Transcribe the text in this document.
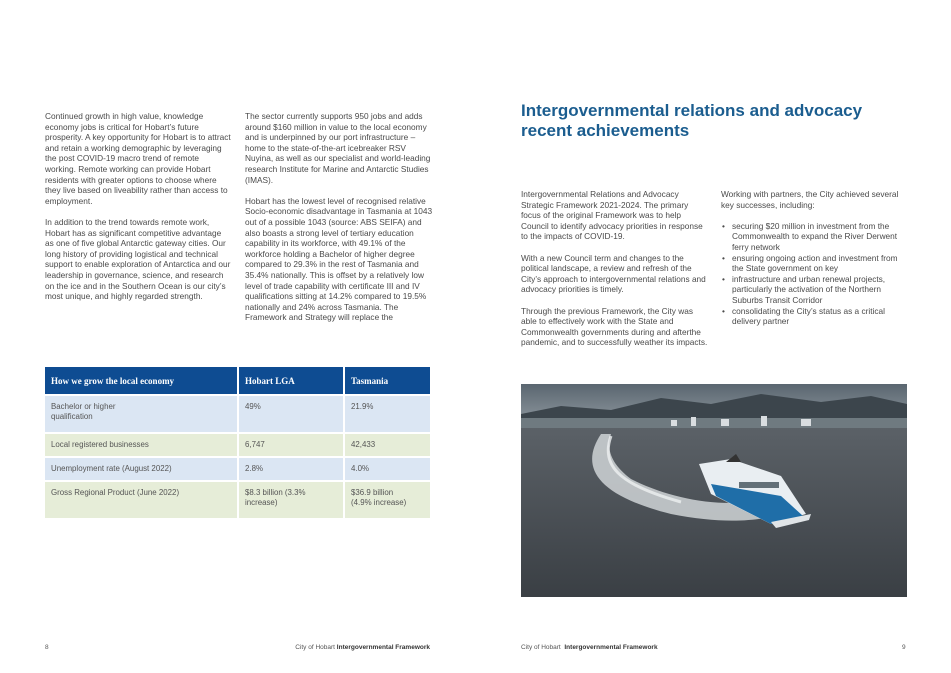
Continued growth in high value, knowledge economy jobs is critical for Hobart’s future prosperity. A key opportunity for Hobart is to attract and retain a working demographic by leveraging the post COVID-19 macro trend of remote working. Remote working can provide Hobart residents with greater options to choose where they live based on liveability rather than access to employment.

In addition to the trend towards remote work, Hobart has as significant competitive advantage as one of five global Antarctic gateway cities. Our long history of providing logistical and technical support to enable exploration of Antarctica and our leadership in governance, science, and research on the ice and in the Southern Ocean is our city’s most unique, and highly regarded strength.

The sector currently supports 950 jobs and adds around $160 million in value to the local economy and is underpinned by our port infrastructure – home to the state-of-the-art icebreaker RSV Nuyina, as well as our specialist and world-leading research Institute for Marine and Antarctic Studies (IMAS).

Hobart has the lowest level of recognised relative Socio-economic disadvantage in Tasmania at 1043 out of a possible 1043 (source: ABS SEIFA) and also boasts a strong level of tertiary education capability in its workforce, with 49.1% of the workforce holding a Bachelor of higher degree compared to 29.3% in the rest of Tasmania and 35.4% nationally. This is offset by a relatively low level of trade capability with certificate III and IV qualifications sitting at 14.2% compared to 19.5% nationally and 24% across Tasmania. The Framework and Strategy will replace the

How we grow the local economy	Hobart LGA	Tasmania

Bachelor or higher qualification	49%	21.9%
Local registered businesses	6,747	42,433
Unemployment rate (August 2022)	2.8%	4.0%
Gross Regional Product (June 2022)	$8.3 billion (3.3% increase)	$36.9 billion (4.9% increase)
8	City of Hobart Intergovernmental Framework
Intergovernmental relations and advocacy recent achievements

Intergovernmental Relations and Advocacy Strategic Framework 2021-2024. The primary focus of the original Framework was to help Council to identify advocacy priorities in response to the impacts of COVID-19.

With a new Council term and changes to the political landscape, a review and refresh of the City’s approach to intergovernmental relations and advocacy priorities is timely.

Through the previous Framework, the City was able to effectively work with the State and Commonwealth governments during and afterthe pandemic, and to successfully weather its impacts.

Working with partners, the City achieved several key successes, including:

• securing $20 million in investment from the Commonwealth to expand the River Derwent ferry network
• ensuring ongoing action and investment from the State government on key
• infrastructure and urban renewal projects, particularly the activation of the Northern Suburbs Transit Corridor
• consolidating the City’s status as a critical delivery partner
City of Hobart Intergovernmental Framework	9
